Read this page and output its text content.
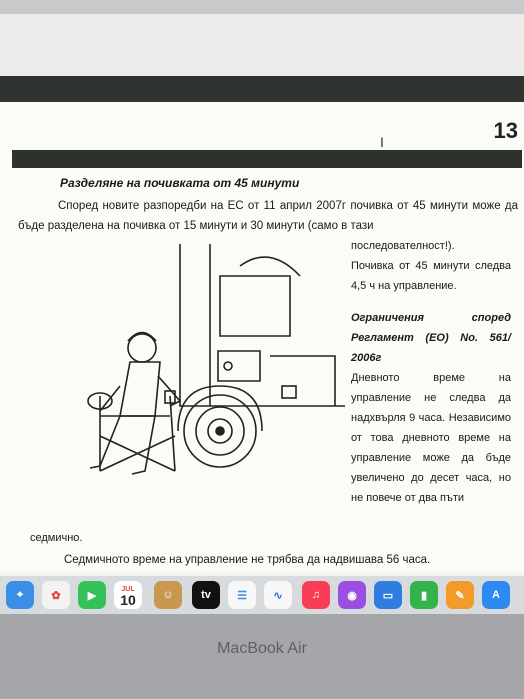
13
I
Разделяне на почивката от 45 минути
Според новите разпоредби на ЕС от 11 април 2007г почивка от 45 минути може да бъде разделена на почивка от 15 минути и 30 минути (само в тази
последователност!).
Почивка от 45 минути следва 4,5 ч на управление.
Ограничения според Регламент (ЕО) No. 561/ 2006г
Дневното време на управление не следва да надхвърля 9 часа. Независимо от това дневното време на управление може да бъде увеличено до десет часа, но не повече от два пъти
седмично.
Седмичното време на управление не трябва да надвишава 56 часа.
⌖	✿	▶	JUL
10	☺	tv	☰	∿	♫	◉	▭	▮	✎	A
MacBook Air
